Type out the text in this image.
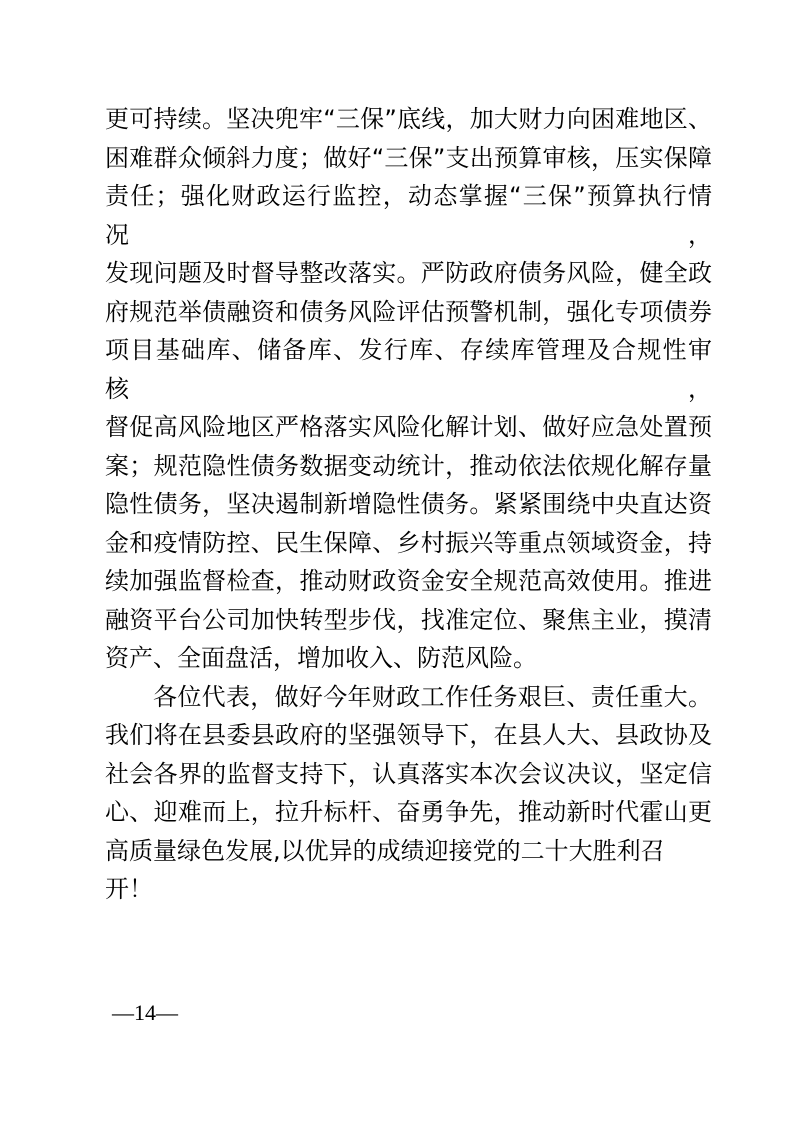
更可持续。坚决兜牢“三保”底线，加大财力向困难地区、
困难群众倾斜力度；做好“三保”支出预算审核，压实保障
责任；强化财政运行监控，动态掌握“三保”预算执行情况，
发现问题及时督导整改落实。严防政府债务风险，健全政
府规范举债融资和债务风险评估预警机制，强化专项债券
项目基础库、储备库、发行库、存续库管理及合规性审核，
督促高风险地区严格落实风险化解计划、做好应急处置预
案；规范隐性债务数据变动统计，推动依法依规化解存量
隐性债务，坚决遏制新增隐性债务。紧紧围绕中央直达资
金和疫情防控、民生保障、乡村振兴等重点领域资金，持
续加强监督检查，推动财政资金安全规范高效使用。推进
融资平台公司加快转型步伐，找准定位、聚焦主业，摸清
资产、全面盘活，增加收入、防范风险。
各位代表，做好今年财政工作任务艰巨、责任重大。
我们将在县委县政府的坚强领导下，在县人大、县政协及
社会各界的监督支持下，认真落实本次会议决议，坚定信
心、迎难而上，拉升标杆、奋勇争先，推动新时代霍山更
高质量绿色发展,以优异的成绩迎接党的二十大胜利召开！
—14—
